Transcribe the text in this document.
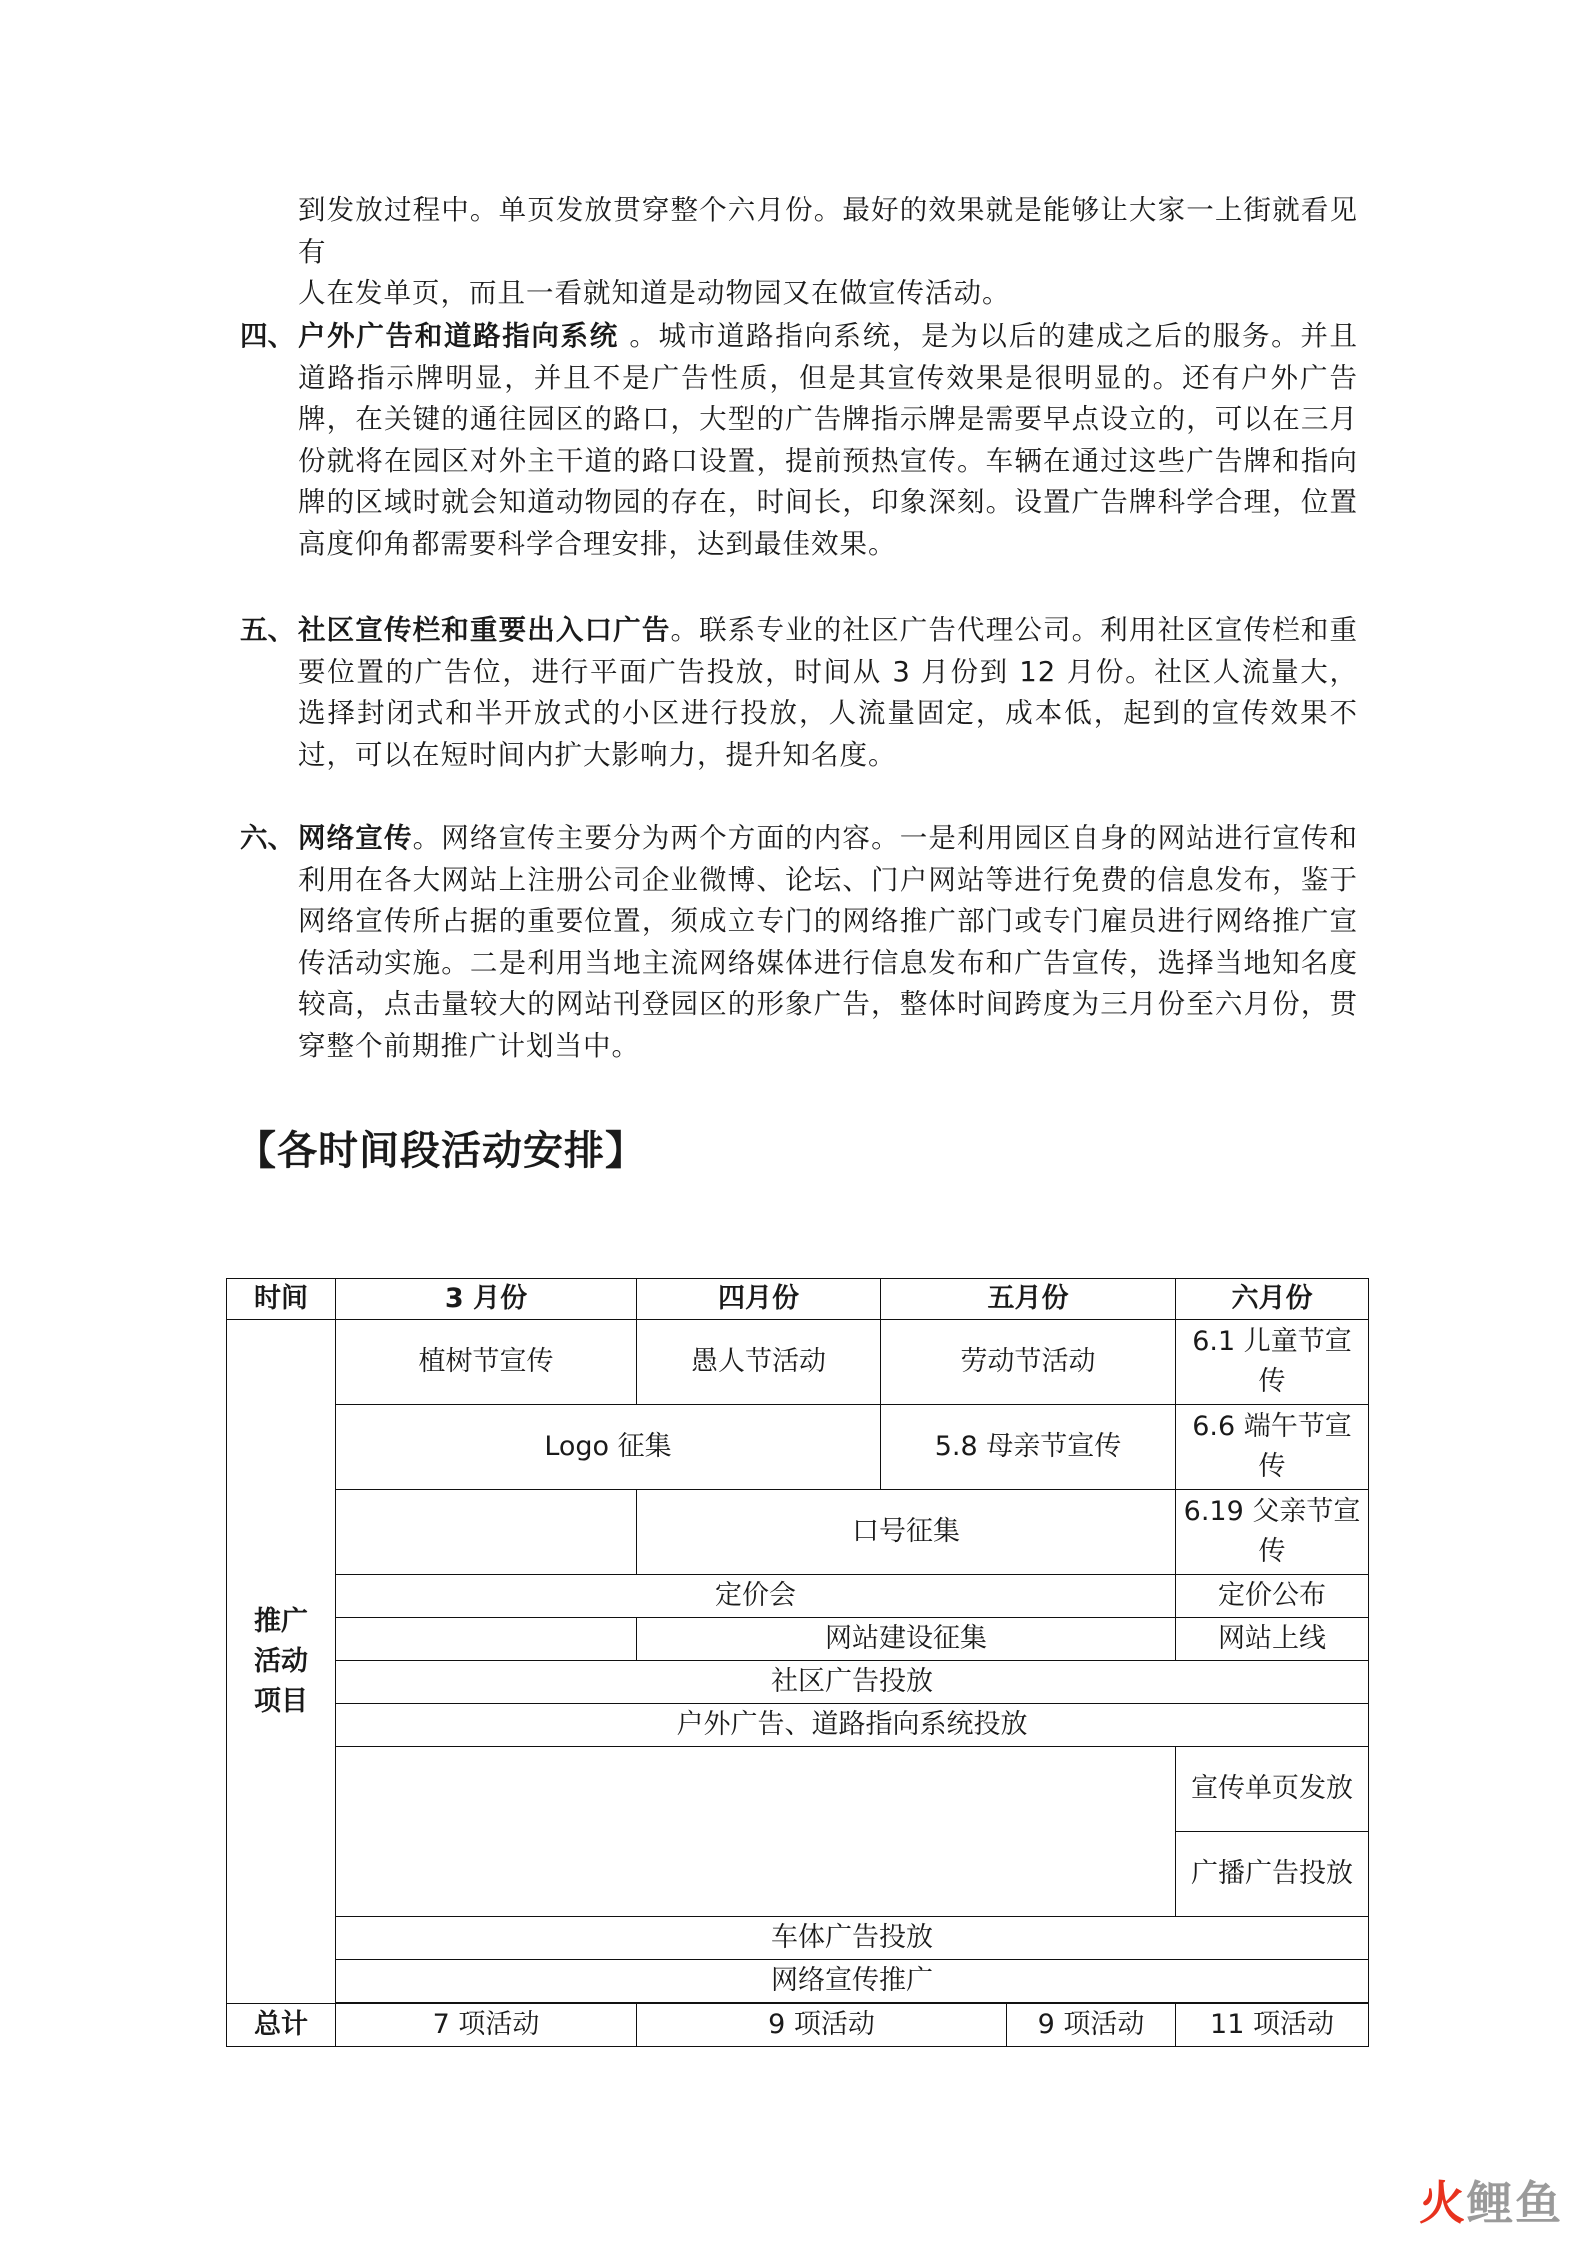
到发放过程中。单页发放贯穿整个六月份。最好的效果就是能够让大家一上街就看见有

人在发单页，而且一看就知道是动物园又在做宣传活动。

四、 户外广告和道路指向系统 。城市道路指向系统，是为以后的建成之后的服务。并且道路指示牌明显，并且不是广告性质，但是其宣传效果是很明显的。还有户外广告牌，在关键的通往园区的路口，大型的广告牌指示牌是需要早点设立的，可以在三月份就将在园区对外主干道的路口设置，提前预热宣传。车辆在通过这些广告牌和指向牌的区域时就会知道动物园的存在，时间长，印象深刻。设置广告牌科学合理，位置高度仰角都需要科学合理安排，达到最佳效果。
五、 社区宣传栏和重要出入口广告。联系专业的社区广告代理公司。利用社区宣传栏和重要位置的广告位，进行平面广告投放，时间从 3 月份到 12 月份。社区人流量大，选择封闭式和半开放式的小区进行投放，人流量固定，成本低，起到的宣传效果不过，可以在短时间内扩大影响力，提升知名度。
六、 网络宣传。网络宣传主要分为两个方面的内容。一是利用园区自身的网站进行宣传和利用在各大网站上注册公司企业微博、论坛、门户网站等进行免费的信息发布，鉴于网络宣传所占据的重要位置，须成立专门的网络推广部门或专门雇员进行网络推广宣传活动实施。二是利用当地主流网络媒体进行信息发布和广告宣传，选择当地知名度较高，点击量较大的网站刊登园区的形象广告，整体时间跨度为三月份至六月份，贯穿整个前期推广计划当中。
【各时间段活动安排】
时间	3 月份	四月份	五月份		六月份
推广活动项目	植树节宣传	愚人节活动	劳动节活动		6.1 儿童节宣传
	Logo 征集		5.8 母亲节宣传		6.6 端午节宣传
		口号征集			6.19 父亲节宣传
	定价会				定价公布
		网站建设征集			网站上线
	社区广告投放				
	户外广告、道路指向系统投放				
					宣传单页发放
					广播广告投放
	车体广告投放				
	网络宣传推广				

总计	7 项活动	9 项活动		9 项活动	11 项活动
火鲤鱼
